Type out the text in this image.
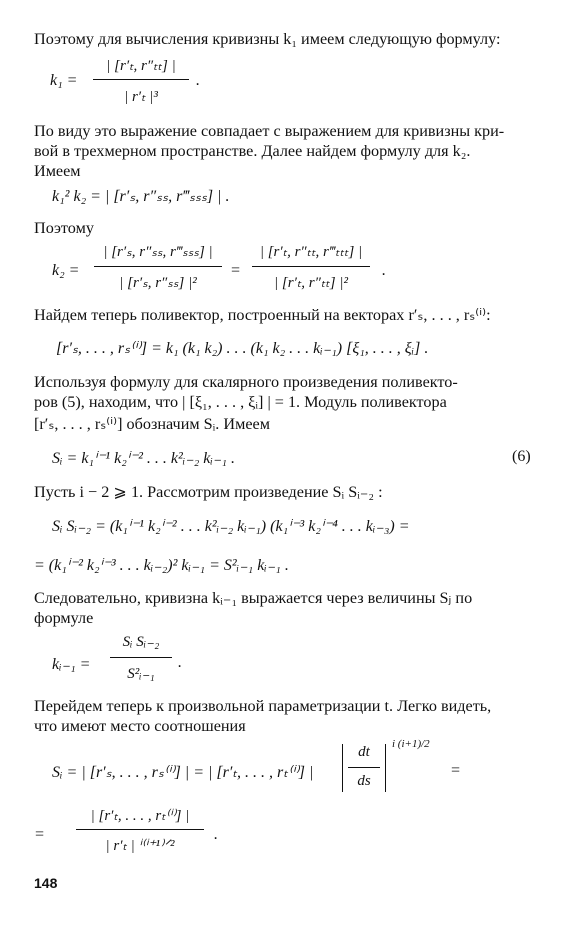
Поэтому для вычисления кривизны k₁ имеем следующую формулу:
k₁ =
| [r′ₜ, r″ₜₜ] |
| r′ₜ |³
.
По виду это выражение совпадает с выражением для кривизны кри-
вой в трехмерном пространстве. Далее найдем формулу для k₂.
Имеем
k₁² k₂ = | [r′ₛ, r″ₛₛ, r‴ₛₛₛ] | .
Поэтому
k₂ =
| [r′ₛ, r″ₛₛ, r‴ₛₛₛ] |
| [r′ₛ, r″ₛₛ] |²
=
| [r′ₜ, r″ₜₜ, r‴ₜₜₜ] |
| [r′ₜ, r″ₜₜ] |²
.
Найдем теперь поливектор, построенный на векторах r′ₛ, . . . , rₛ⁽ⁱ⁾:
[r′ₛ, . . . , rₛ⁽ⁱ⁾] = k₁ (k₁ k₂) . . . (k₁ k₂ . . . kᵢ₋₁) [ξ₁, . . . , ξᵢ] .
Используя формулу для скалярного произведения поливекто-
ров (5), находим, что | [ξ₁, . . . , ξᵢ] | = 1. Модуль поливектора
[r′ₛ, . . . , rₛ⁽ⁱ⁾] обозначим Sᵢ. Имеем
Sᵢ = k₁ⁱ⁻¹ k₂ⁱ⁻² . . . k²ᵢ₋₂ kᵢ₋₁ .	(6)
Пусть i − 2 ⩾ 1. Рассмотрим произведение Sᵢ Sᵢ₋₂ :
Sᵢ Sᵢ₋₂ = (k₁ⁱ⁻¹ k₂ⁱ⁻² . . . k²ᵢ₋₂ kᵢ₋₁) (k₁ⁱ⁻³ k₂ⁱ⁻⁴ . . . kᵢ₋₃) =
= (k₁ⁱ⁻² k₂ⁱ⁻³ . . . kᵢ₋₂)² kᵢ₋₁ = S²ᵢ₋₁ kᵢ₋₁ .
Следовательно, кривизна kᵢ₋₁ выражается через величины Sⱼ по
формуле
kᵢ₋₁ =
Sᵢ Sᵢ₋₂
S²ᵢ₋₁
.
Перейдем теперь к произвольной параметризации t. Легко видеть,
что имеют место соотношения
Sᵢ = | [r′ₛ, . . . , rₛ⁽ⁱ⁾] | = | [r′ₜ, . . . , rₜ⁽ⁱ⁾] |
dt
ds
i (i+1)/2
=
=
| [r′ₜ, . . . , rₜ⁽ⁱ⁾] |
| r′ₜ | ⁱ⁽ⁱ⁺¹⁾ᐟ²
.
148
